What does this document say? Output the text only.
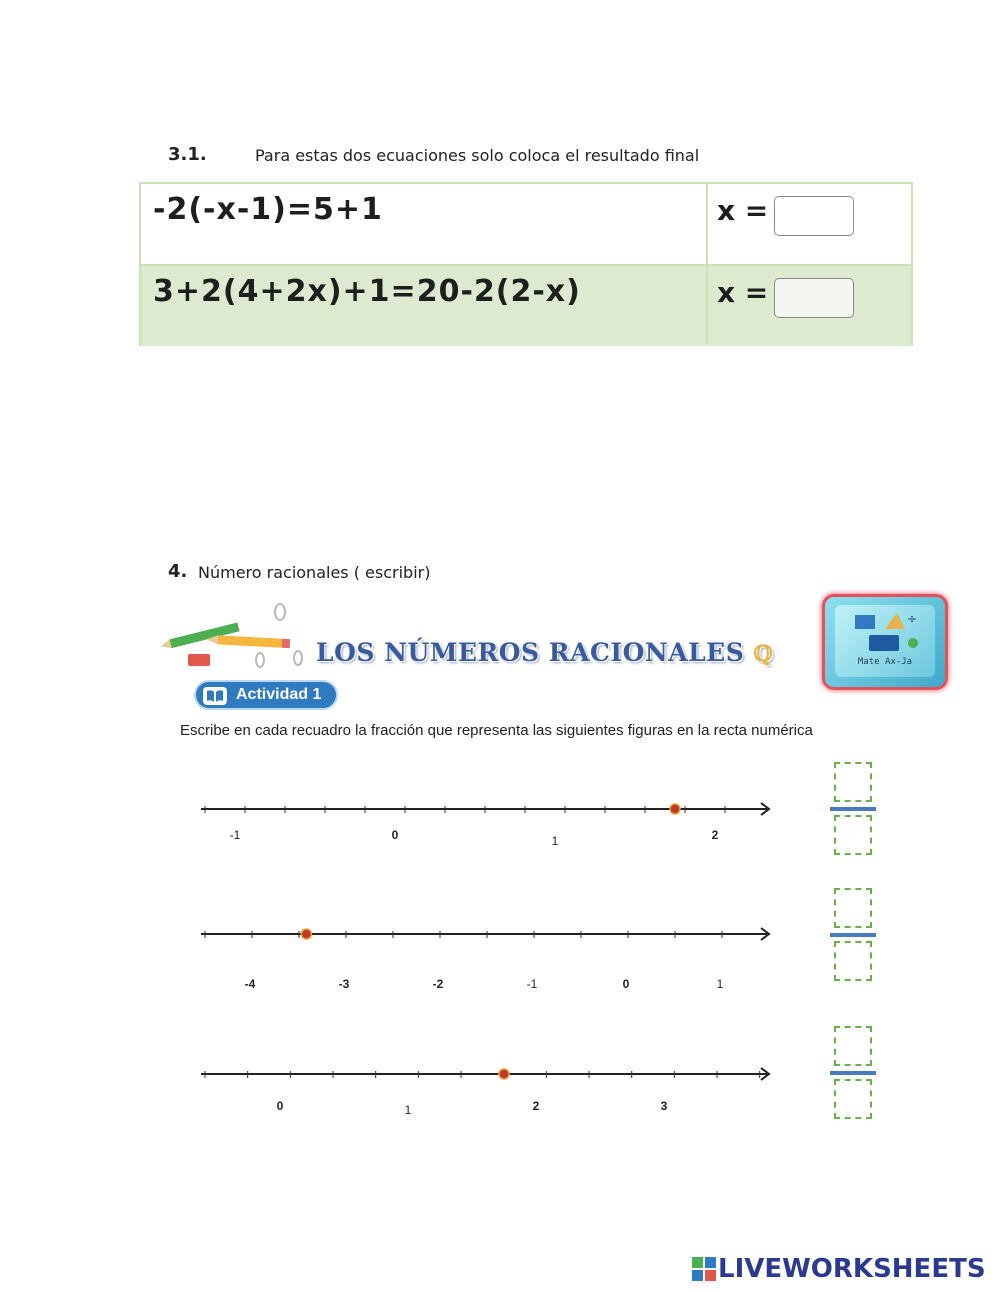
3.1.	Para estas dos ecuaciones solo coloca el resultado final
-2(-x-1)=5+1	x =
3+2(4+2x)+1=20-2(2-x)	x =
4. Número racionales ( escribir)
LOS NÚMEROS RACIONALES ℚ
÷
Mate Ax-Ja
Actividad 1
Escribe en cada recuadro la fracción que representa las siguientes figuras en la recta numérica
-1	0	1	2
-4	-3	-2	-1	0	1
0	1	2	3
LIVEWORKSHEETS
